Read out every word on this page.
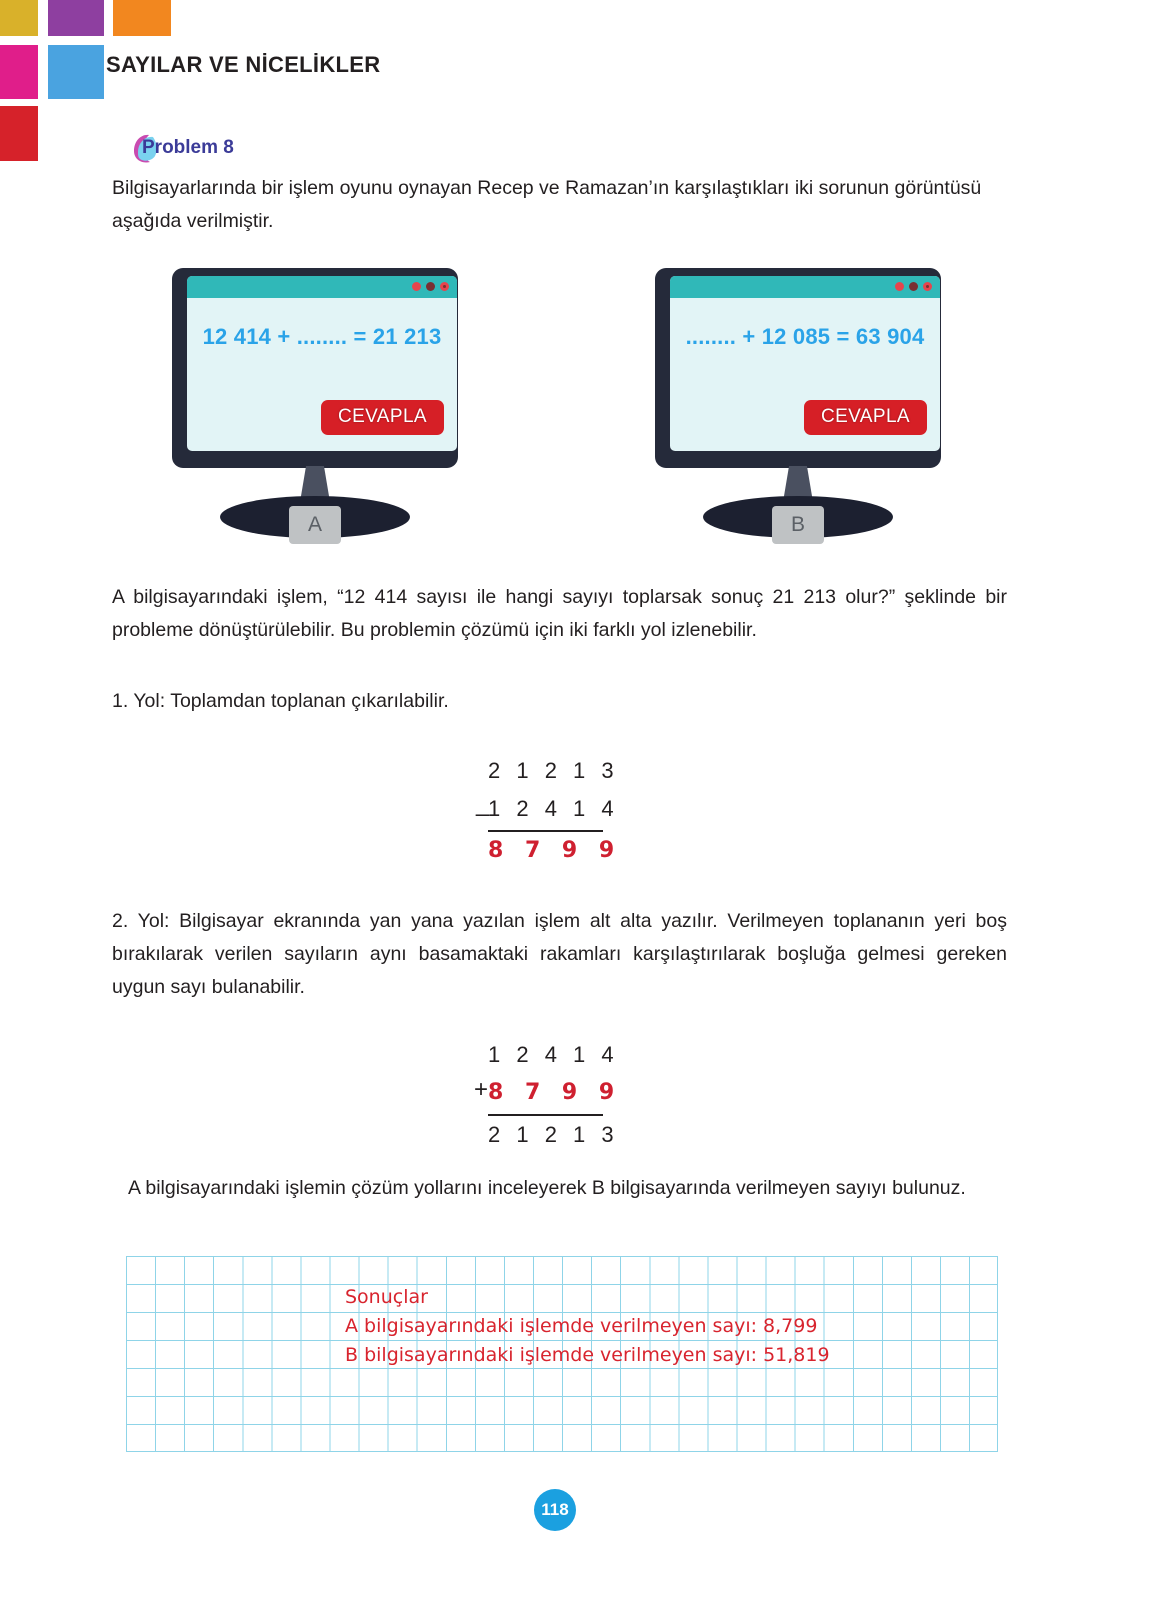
SAYILAR VE NİCELİKLER
Problem 8
Bilgisayarlarında bir işlem oyunu oynayan Recep ve Ramazan’ın karşılaştıkları iki sorunun görüntüsü aşağıda verilmiştir.
12 414 + ........ = 21 213
CEVAPLA
A
........ + 12 085 = 63 904
CEVAPLA
B
A bilgisayarındaki işlem, “12 414 sayısı ile hangi sayıyı toplarsak sonuç 21 213 olur?” şeklinde bir probleme dönüştürülebilir. Bu problemin çözümü için iki farklı yol izlenebilir.
1. Yol: Toplamdan toplanan çıkarılabilir.
2 1 2 1 3
1 2 4 1 4
8 7 9 9
_
2. Yol: Bilgisayar ekranında yan yana yazılan işlem alt alta yazılır. Verilmeyen toplananın yeri boş bırakılarak verilen sayıların aynı basamaktaki rakamları karşılaştırılarak boşluğa gelmesi gereken uygun sayı bulanabilir.
1 2 4 1 4
8 7 9 9
2 1 2 1 3
+
A bilgisayarındaki işlemin çözüm yollarını inceleyerek B bilgisayarında verilmeyen sayıyı bulunuz.
Sonuçlar
A bilgisayarındaki işlemde verilmeyen sayı: 8,799
B bilgisayarındaki işlemde verilmeyen sayı: 51,819
118
